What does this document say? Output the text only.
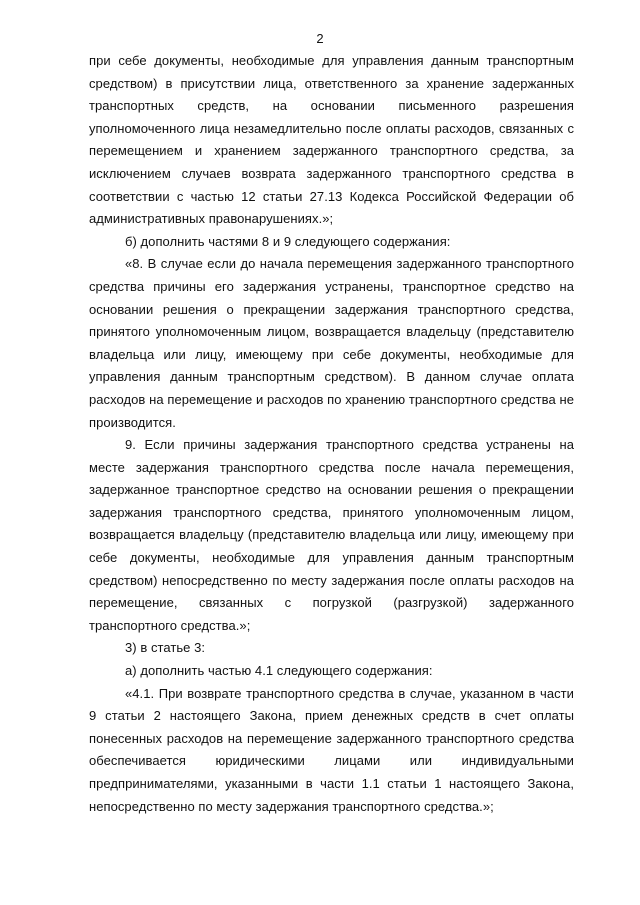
2

при себе документы, необходимые для управления данным транспортным средством) в присутствии лица, ответственного за хранение задержанных транспортных средств, на основании письменного разрешения уполномоченного лица незамедлительно после оплаты расходов, связанных с перемещением и хранением задержанного транспортного средства, за исключением случаев возврата задержанного транспортного средства в соответствии с частью 12 статьи 27.13 Кодекса Российской Федерации об административных правонарушениях.»;

б) дополнить частями 8 и 9 следующего содержания:

«8. В случае если до начала перемещения задержанного транспортного средства причины его задержания устранены, транспортное средство на основании решения о прекращении задержания транспортного средства, принятого уполномоченным лицом, возвращается владельцу (представителю владельца или лицу, имеющему при себе документы, необходимые для управления данным транспортным средством). В данном случае оплата расходов на перемещение и расходов по хранению транспортного средства не производится.

9. Если причины задержания транспортного средства устранены на месте задержания транспортного средства после начала перемещения, задержанное транспортное средство на основании решения о прекращении задержания транспортного средства, принятого уполномоченным лицом, возвращается владельцу (представителю владельца или лицу, имеющему при себе документы, необходимые для управления данным транспортным средством) непосредственно по месту задержания после оплаты расходов на перемещение, связанных с погрузкой (разгрузкой) задержанного транспортного средства.»;

3) в статье 3:

а) дополнить частью 4.1 следующего содержания:

«4.1. При возврате транспортного средства в случае, указанном в части 9 статьи 2 настоящего Закона, прием денежных средств в счет оплаты понесенных расходов на перемещение задержанного транспортного средства обеспечивается юридическими лицами или индивидуальными предпринимателями, указанными в части 1.1 статьи 1 настоящего Закона, непосредственно по месту задержания транспортного средства.»;
